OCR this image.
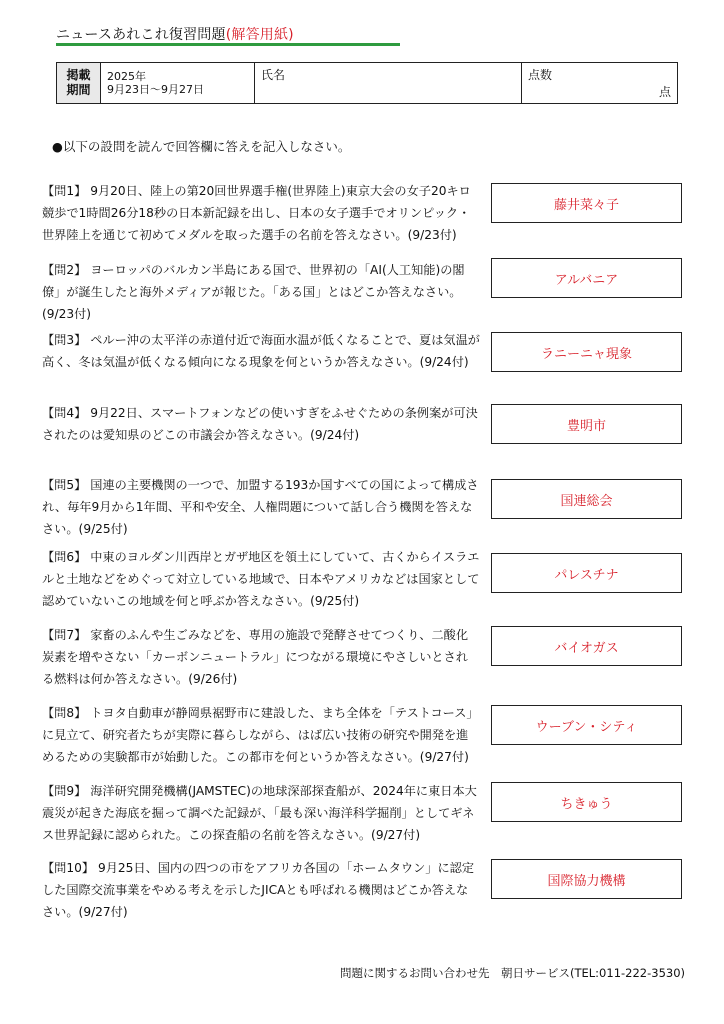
ニュースあれこれ復習問題(解答用紙)
掲載
期間
2025年
9月23日～9月27日
氏名	点数
点
●以下の設問を読んで回答欄に答えを記入しなさい。
【問1】 9月20日、陸上の第20回世界選手権(世界陸上)東京大会の女子20キロ競歩で1時間26分18秒の日本新記録を出し、日本の女子選手でオリンピック・世界陸上を通じて初めてメダルを取った選手の名前を答えなさい。(9/23付)
藤井菜々子
【問2】 ヨーロッパのバルカン半島にある国で、世界初の「AI(人工知能)の閣僚」が誕生したと海外メディアが報じた。「ある国」とはどこか答えなさい。(9/23付)
アルバニア
【問3】 ペルー沖の太平洋の赤道付近で海面水温が低くなることで、夏は気温が高く、冬は気温が低くなる傾向になる現象を何というか答えなさい。(9/24付)
ラニーニャ現象
【問4】 9月22日、スマートフォンなどの使いすぎをふせぐための条例案が可決されたのは愛知県のどこの市議会か答えなさい。(9/24付)
豊明市
【問5】 国連の主要機関の一つで、加盟する193か国すべての国によって構成され、毎年9月から1年間、平和や安全、人権問題について話し合う機関を答えなさい。(9/25付)
国連総会
【問6】 中東のヨルダン川西岸とガザ地区を領土にしていて、古くからイスラエルと土地などをめぐって対立している地域で、日本やアメリカなどは国家として認めていないこの地域を何と呼ぶか答えなさい。(9/25付)
パレスチナ
【問7】 家畜のふんや生ごみなどを、専用の施設で発酵させてつくり、二酸化炭素を増やさない「カーボンニュートラル」につながる環境にやさしいとされる燃料は何か答えなさい。(9/26付)
バイオガス
【問8】 トヨタ自動車が静岡県裾野市に建設した、まち全体を「テストコース」に見立て、研究者たちが実際に暮らしながら、はば広い技術の研究や開発を進めるための実験都市が始動した。この都市を何というか答えなさい。(9/27付)
ウーブン・シティ
【問9】 海洋研究開発機構(JAMSTEC)の地球深部探査船が、2024年に東日本大震災が起きた海底を掘って調べた記録が、「最も深い海洋科学掘削」としてギネス世界記録に認められた。この探査船の名前を答えなさい。(9/27付)
ちきゅう
【問10】 9月25日、国内の四つの市をアフリカ各国の「ホームタウン」に認定した国際交流事業をやめる考えを示したJICAとも呼ばれる機関はどこか答えなさい。(9/27付)
国際協力機構
問題に関するお問い合わせ先　朝日サービス(TEL:011-222-3530)
